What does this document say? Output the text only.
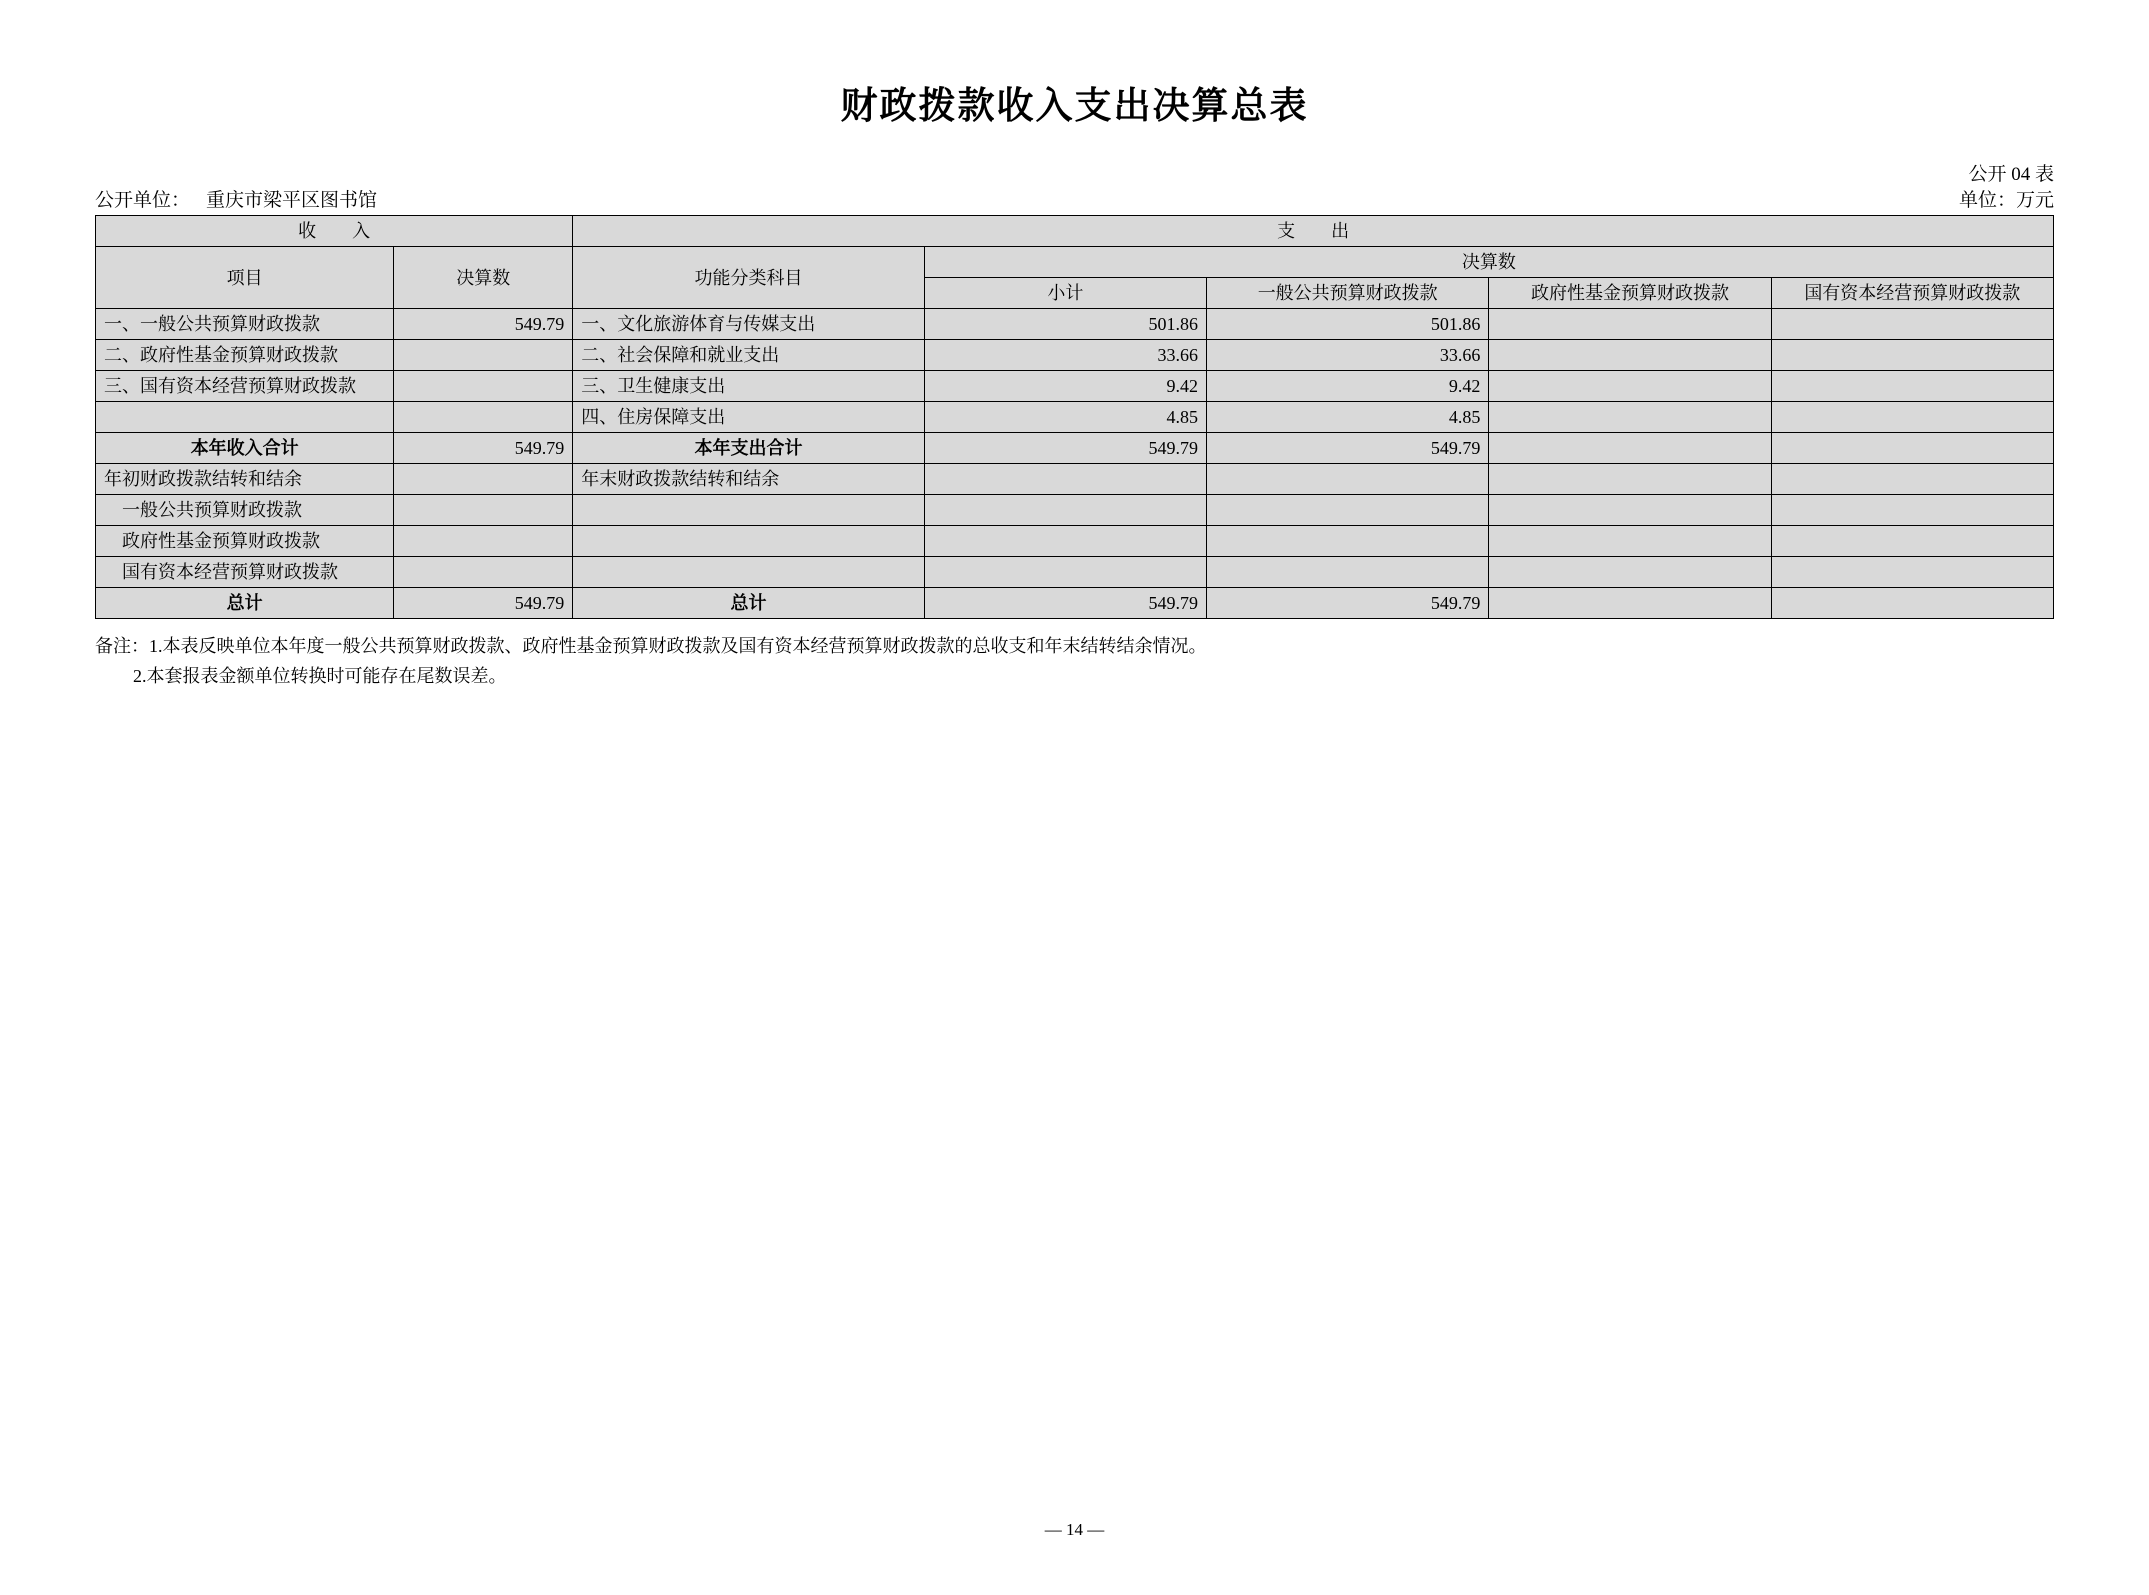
财政拨款收入支出决算总表
公开 04 表
单位：万元
公开单位： 重庆市梁平区图书馆
收　　入		支　　出				
项目	决算数	功能分类科目	决算数			
			小计	一般公共预算财政拨款	政府性基金预算财政拨款	国有资本经营预算财政拨款
一、一般公共预算财政拨款	549.79	一、文化旅游体育与传媒支出	501.86	501.86		
二、政府性基金预算财政拨款		二、社会保障和就业支出	33.66	33.66		
三、国有资本经营预算财政拨款		三、卫生健康支出	9.42	9.42		
		四、住房保障支出	4.85	4.85		
本年收入合计	549.79	本年支出合计	549.79	549.79		
年初财政拨款结转和结余		年末财政拨款结转和结余				
一般公共预算财政拨款						
政府性基金预算财政拨款						
国有资本经营预算财政拨款						
总计	549.79	总计	549.79	549.79		
备注：1.本表反映单位本年度一般公共预算财政拨款、政府性基金预算财政拨款及国有资本经营预算财政拨款的总收支和年末结转结余情况。
2.本套报表金额单位转换时可能存在尾数误差。
— 14 —
